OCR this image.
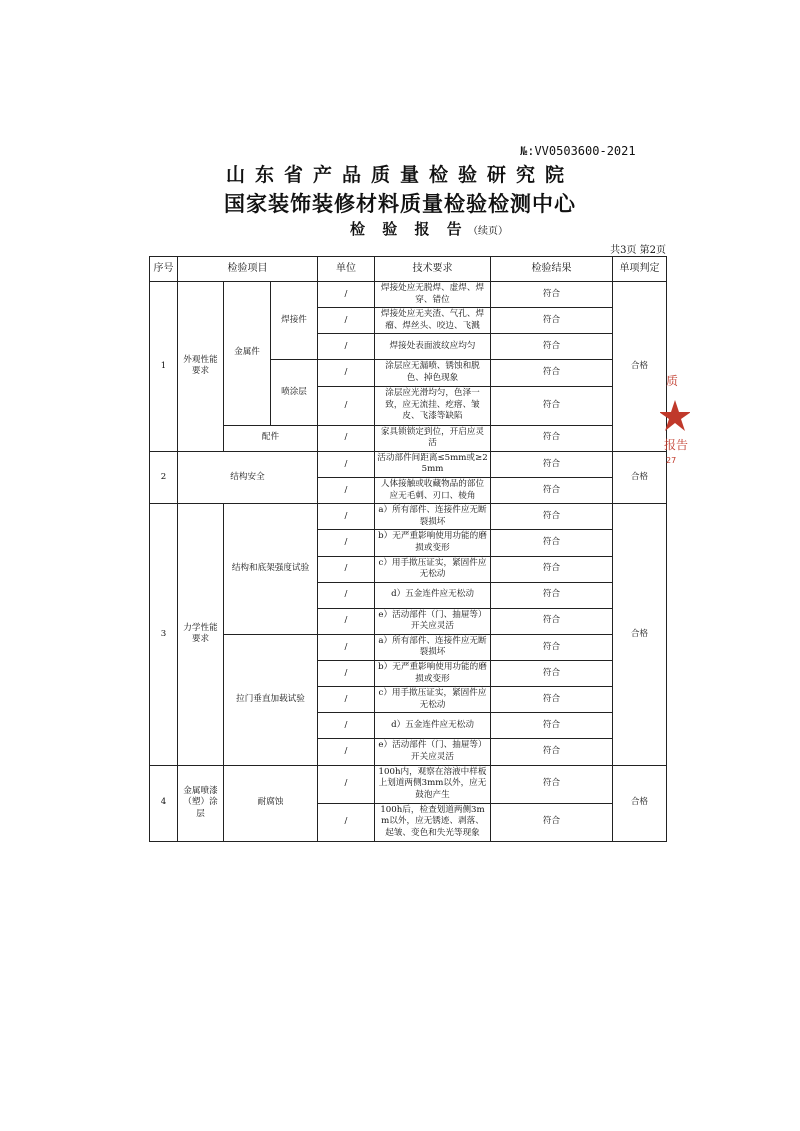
№:VV0503600-2021
山东省产品质量检验研究院
国家装饰装修材料质量检验检测中心
检 验 报 告 （续页）
共3页 第2页
序号	检验项目			单位	技术要求	检验结果	单项判定
1	外观性能要求	金属件	焊接件	/	焊接处应无脱焊、虚焊、焊穿、错位	符合	合格
				/	焊接处应无夹渣、气孔、焊瘤、焊丝头、咬边、飞溅	符合	
				/	焊接处表面波纹应均匀	符合	
			喷涂层	/	涂层应无漏喷、锈蚀和脱色、掉色现象	符合	
				/	涂层应光滑均匀，色泽一致，应无流挂、疙瘩、皱皮、飞漆等缺陷	符合	
		配件		/	家具锁锁定到位，开启应灵活	符合	
2	结构安全			/	活动部件间距离≤5mm或≥25mm	符合	合格
				/	人体接触或收藏物品的部位应无毛刺、刃口、棱角	符合	
3	力学性能要求	结构和底架强度试验		/	a）所有部件、连接件应无断裂损坏	符合	合格
				/	b）无严重影响使用功能的磨损或变形	符合	
				/	c）用手揿压证实，紧固件应无松动	符合	
				/	d）五金连件应无松动	符合	
				/	e）活动部件（门、抽屉等）开关应灵活	符合	
		拉门垂直加载试验		/	a）所有部件、连接件应无断裂损坏	符合	
				/	b）无严重影响使用功能的磨损或变形	符合	
				/	c）用手揿压证实，紧固件应无松动	符合	
				/	d）五金连件应无松动	符合	
				/	e）活动部件（门、抽屉等）开关应灵活	符合	
4	金属喷漆（塑）涂层	耐腐蚀		/	100h内，观察在溶液中样板上划道两侧3mm以外，应无鼓泡产生	符合	合格
				/	100h后，检查划道两侧3mm以外，应无锈迹、剥落、起皱、变色和失光等现象	符合	
质
报告
27
